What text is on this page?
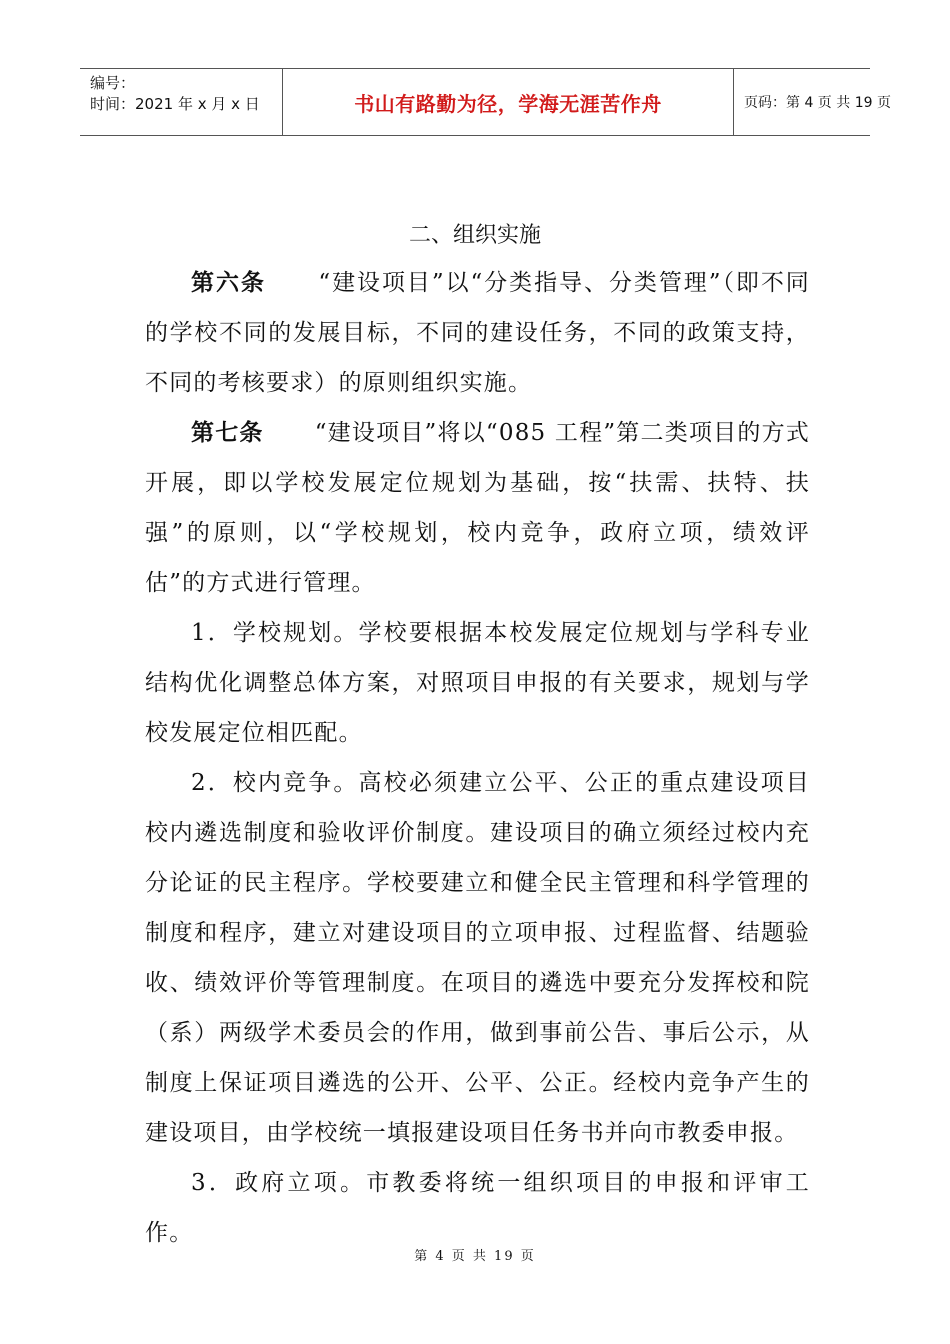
编号：
时间：2021 年 x 月 x 日	书山有路勤为径，学海无涯苦作舟	页码：第 4 页 共 19 页
二、组织实施
第六条 “建设项目”以“分类指导、分类管理”（即不同的学校不同的发展目标，不同的建设任务，不同的政策支持，不同的考核要求）的原则组织实施。
第七条 “建设项目”将以“085 工程”第二类项目的方式开展，即以学校发展定位规划为基础，按“扶需、扶特、扶强”的原则，以“学校规划，校内竞争，政府立项，绩效评估”的方式进行管理。
1．学校规划。学校要根据本校发展定位规划与学科专业结构优化调整总体方案，对照项目申报的有关要求，规划与学校发展定位相匹配。
2．校内竞争。高校必须建立公平、公正的重点建设项目校内遴选制度和验收评价制度。建设项目的确立须经过校内充分论证的民主程序。学校要建立和健全民主管理和科学管理的制度和程序，建立对建设项目的立项申报、过程监督、结题验收、绩效评价等管理制度。在项目的遴选中要充分发挥校和院（系）两级学术委员会的作用，做到事前公告、事后公示，从制度上保证项目遴选的公开、公平、公正。经校内竞争产生的建设项目，由学校统一填报建设项目任务书并向市教委申报。
3．政府立项。市教委将统一组织项目的申报和评审工作。
第 4 页 共 19 页
